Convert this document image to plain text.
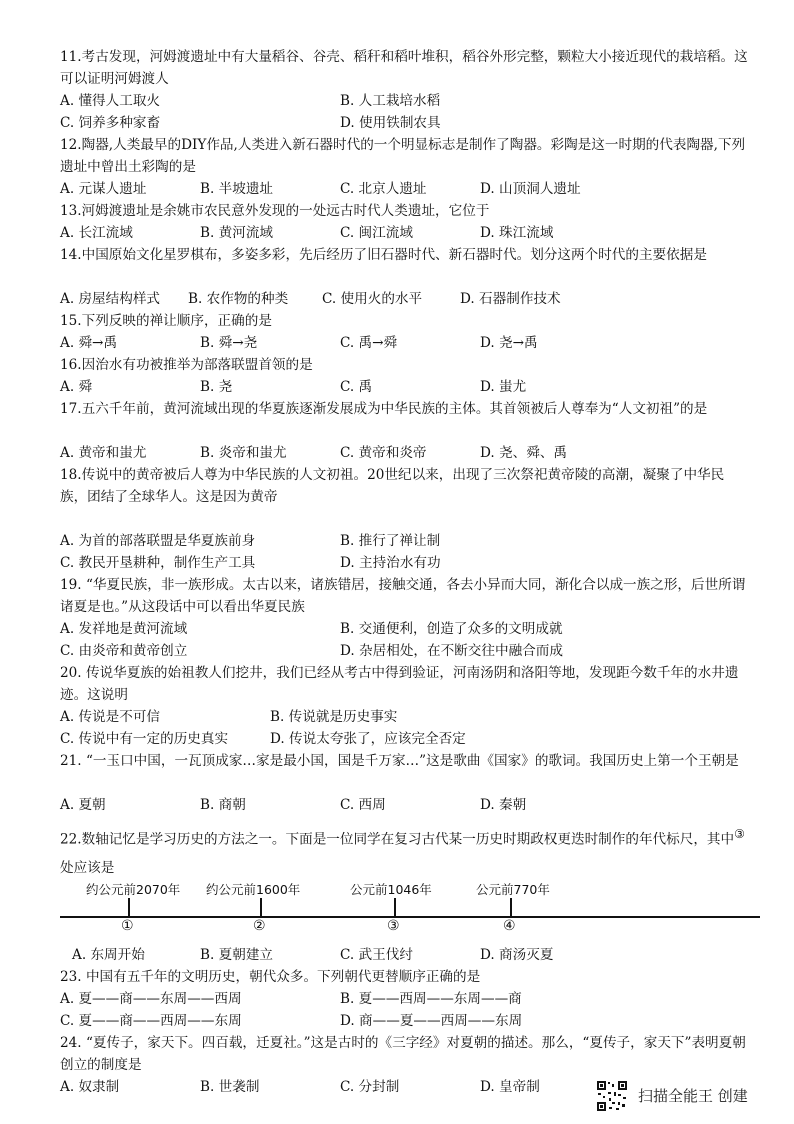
11.考古发现，河姆渡遗址中有大量稻谷、谷壳、稻秆和稻叶堆积，稻谷外形完整，颗粒大小接近现代的栽培稻。这可以证明河姆渡人
A. 懂得人工取火	B. 人工栽培水稻
C. 饲养多种家畜	D. 使用铁制农具
12.陶器,人类最早的DIY作品,人类进入新石器时代的一个明显标志是制作了陶器。彩陶是这一时期的代表陶器,下列遗址中曾出土彩陶的是
A. 元谋人遗址	B. 半坡遗址	C. 北京人遗址	D. 山顶洞人遗址
13.河姆渡遗址是余姚市农民意外发现的一处远古时代人类遗址，它位于
A. 长江流域	B. 黄河流域	C. 闽江流域	D. 珠江流域
14.中国原始文化星罗棋布，多姿多彩，先后经历了旧石器时代、新石器时代。划分这两个时代的主要依据是
A. 房屋结构样式 B. 农作物的种类 C. 使用火的水平	D. 石器制作技术
15.下列反映的禅让顺序，正确的是
A. 舜→禹	B. 舜→尧	C. 禹→舜	D. 尧→禹
16.因治水有功被推举为部落联盟首领的是
A. 舜	B. 尧	C. 禹	D. 蚩尤
17.五六千年前，黄河流域出现的华夏族逐渐发展成为中华民族的主体。其首领被后人尊奉为“人文初祖”的是
A. 黄帝和蚩尤	B. 炎帝和蚩尤	C. 黄帝和炎帝	D. 尧、舜、禹
18.传说中的黄帝被后人尊为中华民族的人文初祖。20世纪以来，出现了三次祭祀黄帝陵的高潮，凝聚了中华民族，团结了全球华人。这是因为黄帝
A. 为首的部落联盟是华夏族前身	B. 推行了禅让制
C. 教民开垦耕种，制作生产工具	D. 主持治水有功
19. “华夏民族，非一族形成。太古以来，诸族错居，接触交通，各去小异而大同，渐化合以成一族之形，后世所谓诸夏是也。”从这段话中可以看出华夏民族
A. 发祥地是黄河流域	B. 交通便利，创造了众多的文明成就
C. 由炎帝和黄帝创立	D. 杂居相处，在不断交往中融合而成
20. 传说华夏族的始祖教人们挖井，我们已经从考古中得到验证，河南汤阴和洛阳等地，发现距今数千年的水井遗迹。这说明
A. 传说是不可信	B. 传说就是历史事实
C. 传说中有一定的历史真实	D. 传说太夸张了，应该完全否定
21. “一玉口中国，一瓦顶成家…家是最小国，国是千万家…”这是歌曲《国家》的歌词。我国历史上第一个王朝是
A. 夏朝	B. 商朝	C. 西周	D. 秦朝
22.数轴记忆是学习历史的方法之一。下面是一位同学在复习古代某一历史时期政权更迭时制作的年代标尺，其中③处应该是
约公元前2070年 约公元前1600年	公元前1046年	公元前770年
①	②	③	④
A. 东周开始	B. 夏朝建立	C. 武王伐纣	D. 商汤灭夏
23. 中国有五千年的文明历史，朝代众多。下列朝代更替顺序正确的是
A. 夏——商——东周——西周	B. 夏——西周——东周——商
C. 夏——商——西周——东周	D. 商——夏——西周——东周
24. “夏传子，家天下。四百载，迁夏社。”这是古时的《三字经》对夏朝的描述。那么，“夏传子，家天下”表明夏朝创立的制度是
A. 奴隶制	B. 世袭制	C. 分封制	D. 皇帝制	扫描全能王 创建
